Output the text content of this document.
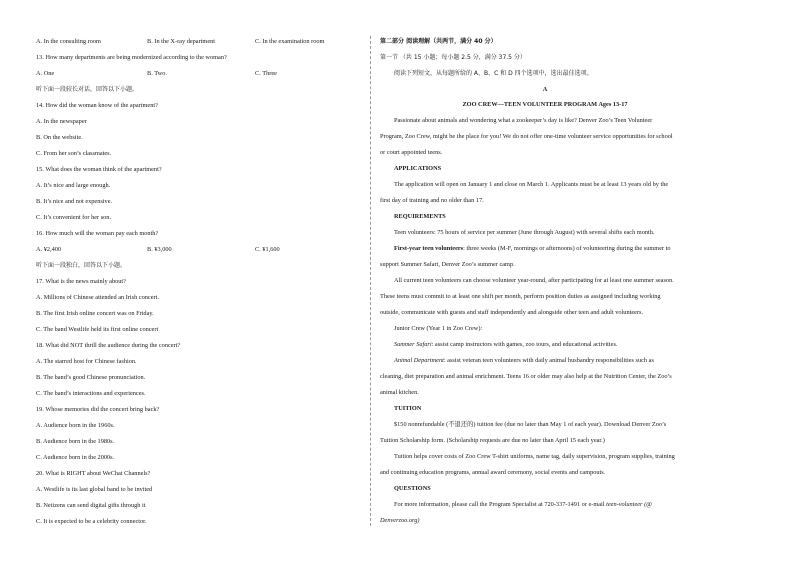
A. In the consulting room	B. In the X-ray department	C. In the examination room
13. How many departments are being modernized according to the woman?
A. One	B. Two.	C. Three
听下面一段较长对话，回答以下小题。
14. How did the woman know of the apartment?
A. In the newspaper
B. On the website.
C. From her son’s classmates.
15. What does the woman think of the apartment?
A. It’s nice and large enough.
B. It’s nice and not expensive.
C. It’s convenient for her son.
16. How much will the woman pay each month?
A. ¥2,400	B. ¥3,000	C. ¥1,600
听下面一段独白，回答以下小题。
17. What is the news mainly about?
A. Millions of Chinese attended an Irish concert.
B. The first Irish online concert was on Friday.
C. The band Westlife held its first online concert
18. What did NOT thrill the audience during the concert?
A. The starred host for Chinese fashion.
B. The band’s good Chinese pronunciation.
C. The band’s interactions and experiences.
19. Whose memories did the concert bring back?
A. Audience born in the 1960s.
B. Audience born in the 1980s.
C. Audience born in the 2000s.
20. What is RIGHT about WeChat Channels?
A. Westlife is its last global band to be invited
B. Netizens can send digital gifts through it
C. It is expected to be a celebrity connector.
第二部分 阅读理解（共两节，满分 40 分）
第一节 （共 15 小题；每小题 2.5 分，满分 37.5 分）
阅读下列短文，从每题所给的 A、B、C 和 D 四个选项中，选出最佳选项。
A
ZOO CREW—TEEN VOLUNTEER PROGRAM Ages 13-17
Passionate about animals and wondering what a zookeeper’s day is like? Denver Zoo’s Teen Volunteer
Program, Zoo Crew, might be the place for you! We do not offer one-time volunteer service opportunities for school
or court appointed teens.
APPLICATIONS
The application will open on January 1 and close on March 1. Applicants must be at least 13 years old by the
first day of training and no older than 17.
REQUIREMENTS
Teen volunteers: 75 hours of service per summer (June through August) with several shifts each month.
First-year teen volunteers: three weeks (M-F, mornings or afternoons) of volunteering during the summer to
support Summer Safari, Denver Zoo’s summer camp.
All current teen volunteers can choose volunteer year-round, after participating for at least one summer season.
These teens must commit to at least one shift per month, perform position duties as assigned including working
outside, communicate with guests and staff independently and alongside other teen and adult volunteers.
Junior Crew (Year 1 in Zoo Crew):
Summer Safari: assist camp instructors with games, zoo tours, and educational activities.
Animal Department: assist veteran teen volunteers with daily animal husbandry responsibilities such as
cleaning, diet preparation and animal enrichment. Teens 16 or older may also help at the Nutrition Center, the Zoo’s
animal kitchen.
TUITION
$150 nonrefundable (不退还的) tuition fee (due no later than May 1 of each year). Download Denver Zoo’s
Tuition Scholarship form. (Scholarship requests are due no later than April 15 each year.)
Tuition helps cover costs of Zoo Crew T-shirt uniforms, name tag, daily supervision, program supplies, training
and continuing education programs, annual award ceremony, social events and campouts.
QUESTIONS
For more information, please call the Program Specialist at 720-337-1491 or e-mail teen-volunteer (@
Denverzoo.org)
